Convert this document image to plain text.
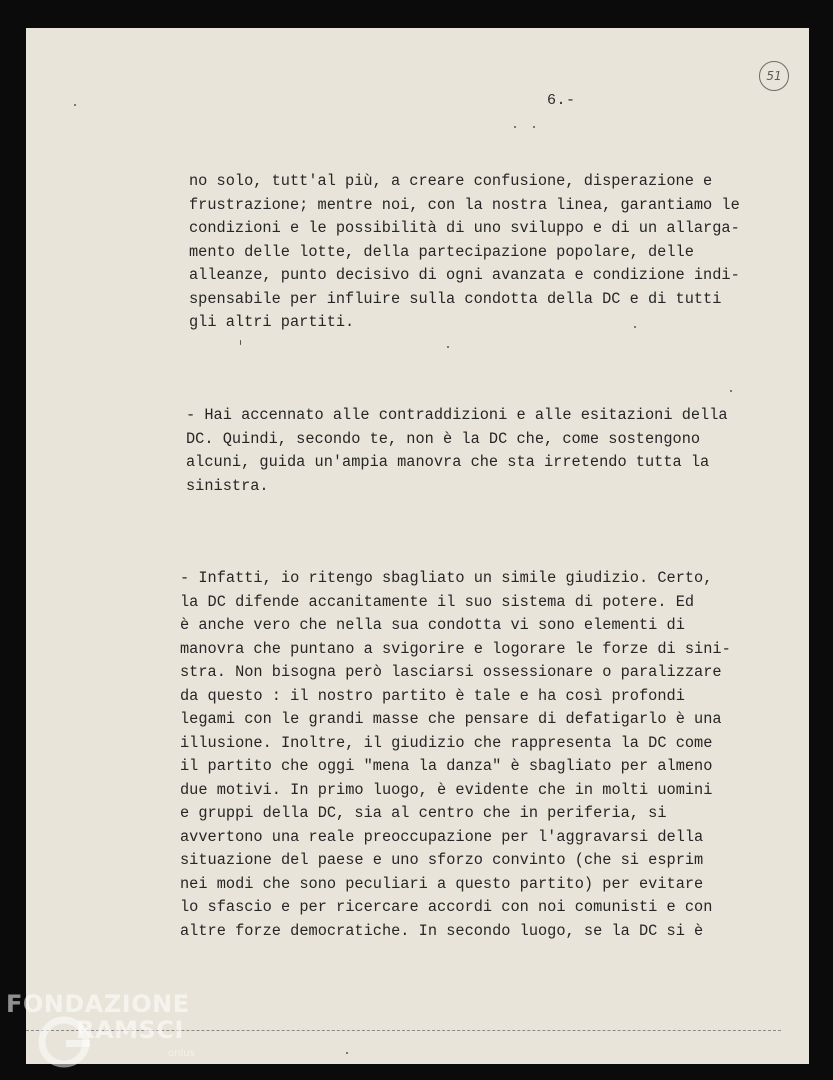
51
6.-
no solo, tutt'al più, a creare confusione, disperazione e
frustrazione; mentre noi, con la nostra linea, garantiamo le
condizioni e le possibilità di uno sviluppo e di un allarga-
mento delle lotte, della partecipazione popolare, delle
alleanze, punto decisivo di ogni avanzata e condizione indi-
spensabile per influire sulla condotta della DC e di tutti
gli altri partiti.
- Hai accennato alle contraddizioni e alle esitazioni della
DC. Quindi, secondo te, non è la DC che, come sostengono
alcuni, guida un'ampia manovra che sta irretendo tutta la
sinistra.
- Infatti, io ritengo sbagliato un simile giudizio. Certo,
la DC difende accanitamente il suo sistema di potere. Ed
è anche vero che nella sua condotta vi sono elementi di
manovra che puntano a svigorire e logorare le forze di sini-
stra. Non bisogna però lasciarsi ossessionare o paralizzare
da questo : il nostro partito è tale e ha così profondi
legami con le grandi masse che pensare di defatigarlo è una
illusione. Inoltre, il giudizio che rappresenta la DC come
il partito che oggi "mena la danza" è sbagliato per almeno
due motivi. In primo luogo, è evidente che in molti uomini
e gruppi della DC, sia al centro che in periferia, si
avvertono una reale preoccupazione per l'aggravarsi della
situazione del paese e uno sforzo convinto (che si esprim
nei modi che sono peculiari a questo partito) per evitare
lo sfascio e per ricercare accordi con noi comunisti e con
altre forze democratiche. In secondo luogo, se la DC si è
FONDAZIONE
RAMSCI
onlus
